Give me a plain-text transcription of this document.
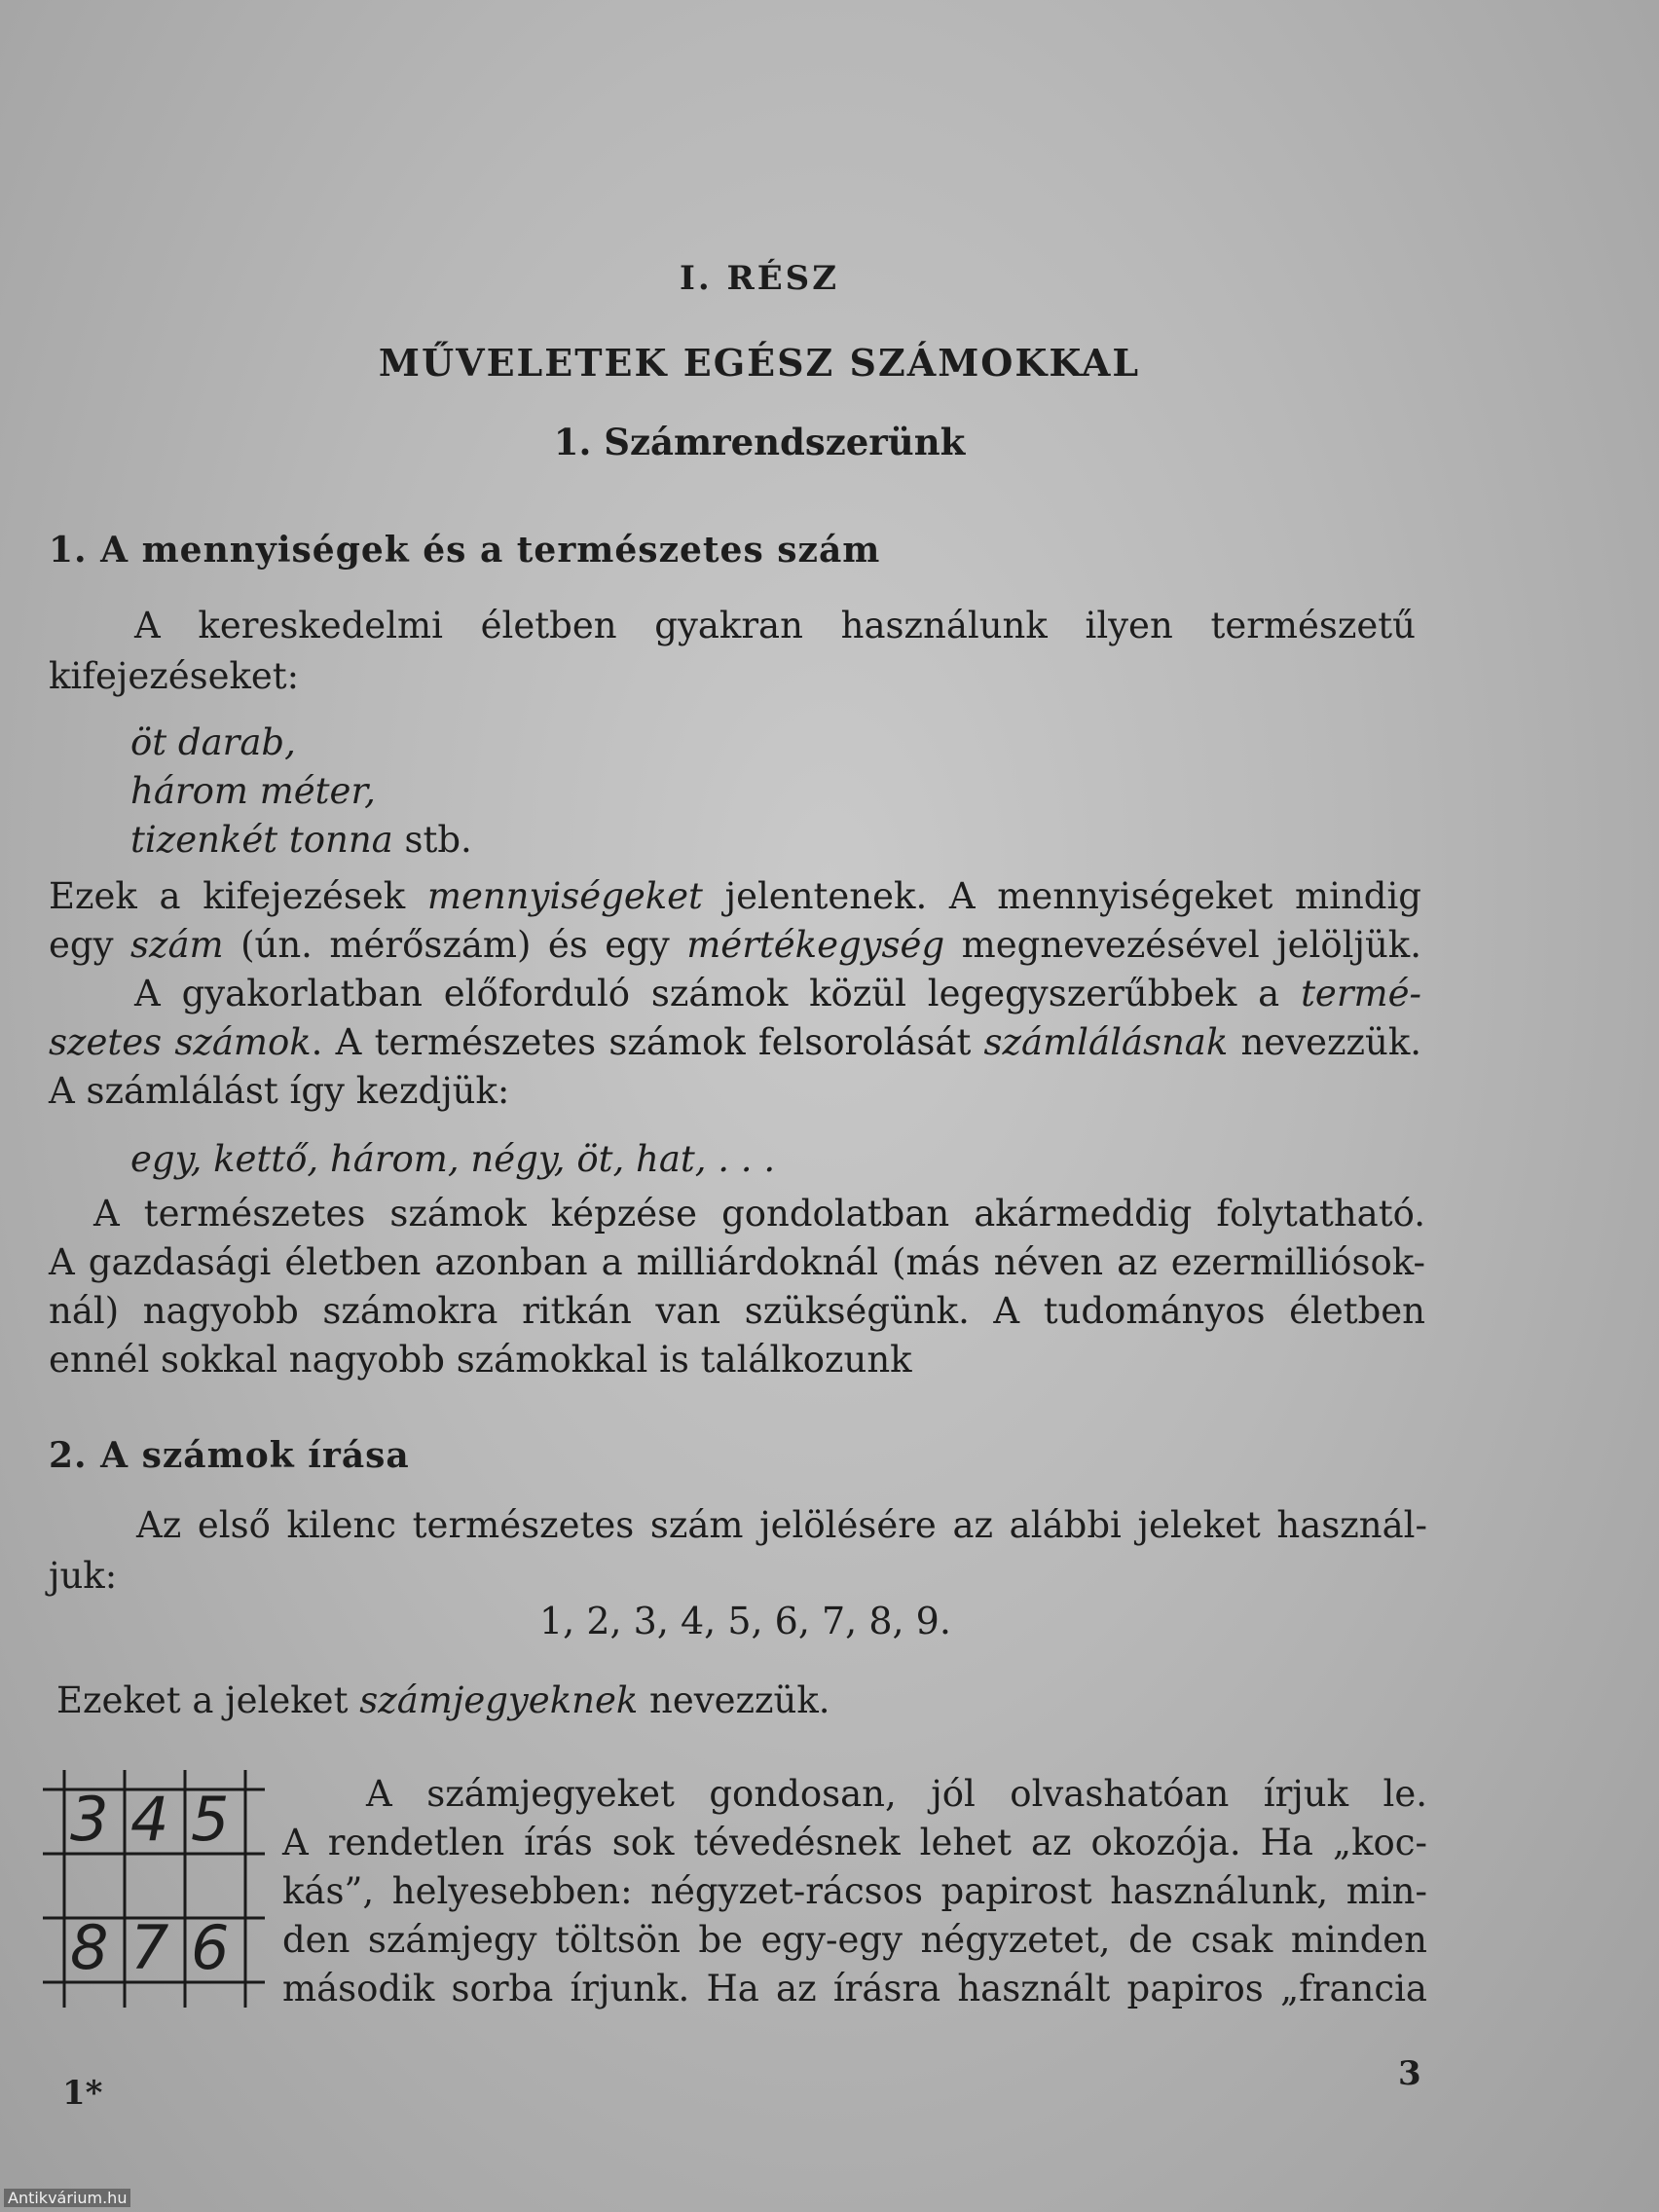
I. RÉSZ
MŰVELETEK EGÉSZ SZÁMOKKAL
1. Számrendszerünk
1. A mennyiségek és a természetes szám
A kereskedelmi életben gyakran használunk ilyen természetű
kifejezéseket:
öt darab,
három méter,
tizenkét tonna stb.
Ezek a kifejezések mennyiségeket jelentenek. A mennyiségeket mindig
egy szám (ún. mérőszám) és egy mértékegység megnevezésével jelöljük.
A gyakorlatban előforduló számok közül legegyszerűbbek a termé-
szetes számok. A természetes számok felsorolását számlálásnak nevezzük.
A számlálást így kezdjük:
egy, kettő, három, négy, öt, hat, . . .
A természetes számok képzése gondolatban akármeddig folytatható.
A gazdasági életben azonban a milliárdoknál (más néven az ezermilliósok-
nál) nagyobb számokra ritkán van szükségünk. A tudományos életben
ennél sokkal nagyobb számokkal is találkozunk
2. A számok írása
Az első kilenc természetes szám jelölésére az alábbi jeleket használ-
juk:
1, 2, 3, 4, 5, 6, 7, 8, 9.
Ezeket a jeleket számjegyeknek nevezzük.
A számjegyeket gondosan, jól olvashatóan írjuk le.
A rendetlen írás sok tévedésnek lehet az okozója. Ha „koc-
kás”, helyesebben: négyzet-rácsos papirost használunk, min-
den számjegy töltsön be egy-egy négyzetet, de csak minden
második sorba írjunk. Ha az írásra használt papiros „francia
3 4 5
8 7 6
1*	3
Antikvárium.hu
